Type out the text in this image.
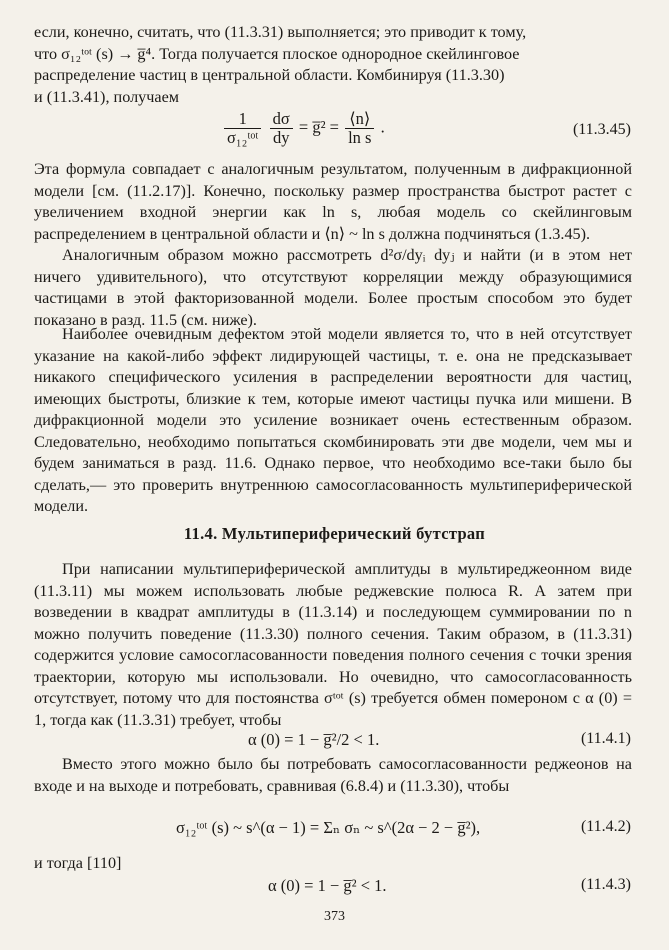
если, конечно, считать, что (11.3.31) выполняется; это приводит к тому,
что σ₁₂ᵗᵒᵗ (s) → g̅⁴. Тогда получается плоское однородное скейлинговое
распределение частиц в центральной области. Комбинируя (11.3.30)
и (11.3.41), получаем
$\frac{1}{\text{σ₁₂ᵗᵒᵗ}}$
$\frac{d\sigma}{dy}$ = g̅² = $\frac{⟨n⟩}{\text{ln s}}$ .	(11.3.45)

Эта формула совпадает с аналогичным результатом, полученным в дифракционной модели [см. (11.2.17)]. Конечно, поскольку размер пространства быстрот растет с увеличением входной энергии как ln s, любая модель со скейлинговым распределением в центральной области и ⟨n⟩ ~ ln s должна подчиняться (1.3.45).

Аналогичным образом можно рассмотреть d²σ/dyᵢ dyⱼ и найти (и в этом нет ничего удивительного), что отсутствуют корреляции между образующимися частицами в этой факторизованной модели. Более простым способом это будет показано в разд. 11.5 (см. ниже).

Наиболее очевидным дефектом этой модели является то, что в ней отсутствует указание на какой-либо эффект лидирующей частицы, т. е. она не предсказывает никакого специфического усиления в распределении вероятности для частиц, имеющих быстроты, близкие к тем, которые имеют частицы пучка или мишени. В дифракционной модели это усиление возникает очень естественным образом. Следовательно, необходимо попытаться скомбинировать эти две модели, чем мы и будем заниматься в разд. 11.6. Однако первое, что необходимо все-таки было бы сделать,— это проверить внутреннюю самосогласованность мультипериферической модели.

11.4. Мультипериферический бутстрап

При написании мультипериферической амплитуды в мультиреджеонном виде (11.3.11) мы можем использовать любые реджевские полюса R. А затем при возведении в квадрат амплитуды в (11.3.14) и последующем суммировании по n можно получить поведение (11.3.30) полного сечения. Таким образом, в (11.3.31) содержится условие самосогласованности поведения полного сечения с точки зрения траектории, которую мы использовали. Но очевидно, что самосогласованность отсутствует, потому что для постоянства σᵗᵒᵗ (s) требуется обмен помероном с α (0) = 1, тогда как (11.3.31) требует, чтобы

α (0) = 1 − g̅²/2 < 1.	(11.4.1)

Вместо этого можно было бы потребовать самосогласованности реджеонов на входе и на выходе и потребовать, сравнивая (6.8.4) и (11.3.30), чтобы

σ₁₂ᵗᵒᵗ (s) ~ s^(α − 1) = Σₙ σₙ ~ s^(2α − 2 − g̅²),	(11.4.2)

и тогда [110]

α (0) = 1 − g̅² < 1.	(11.4.3)
373
